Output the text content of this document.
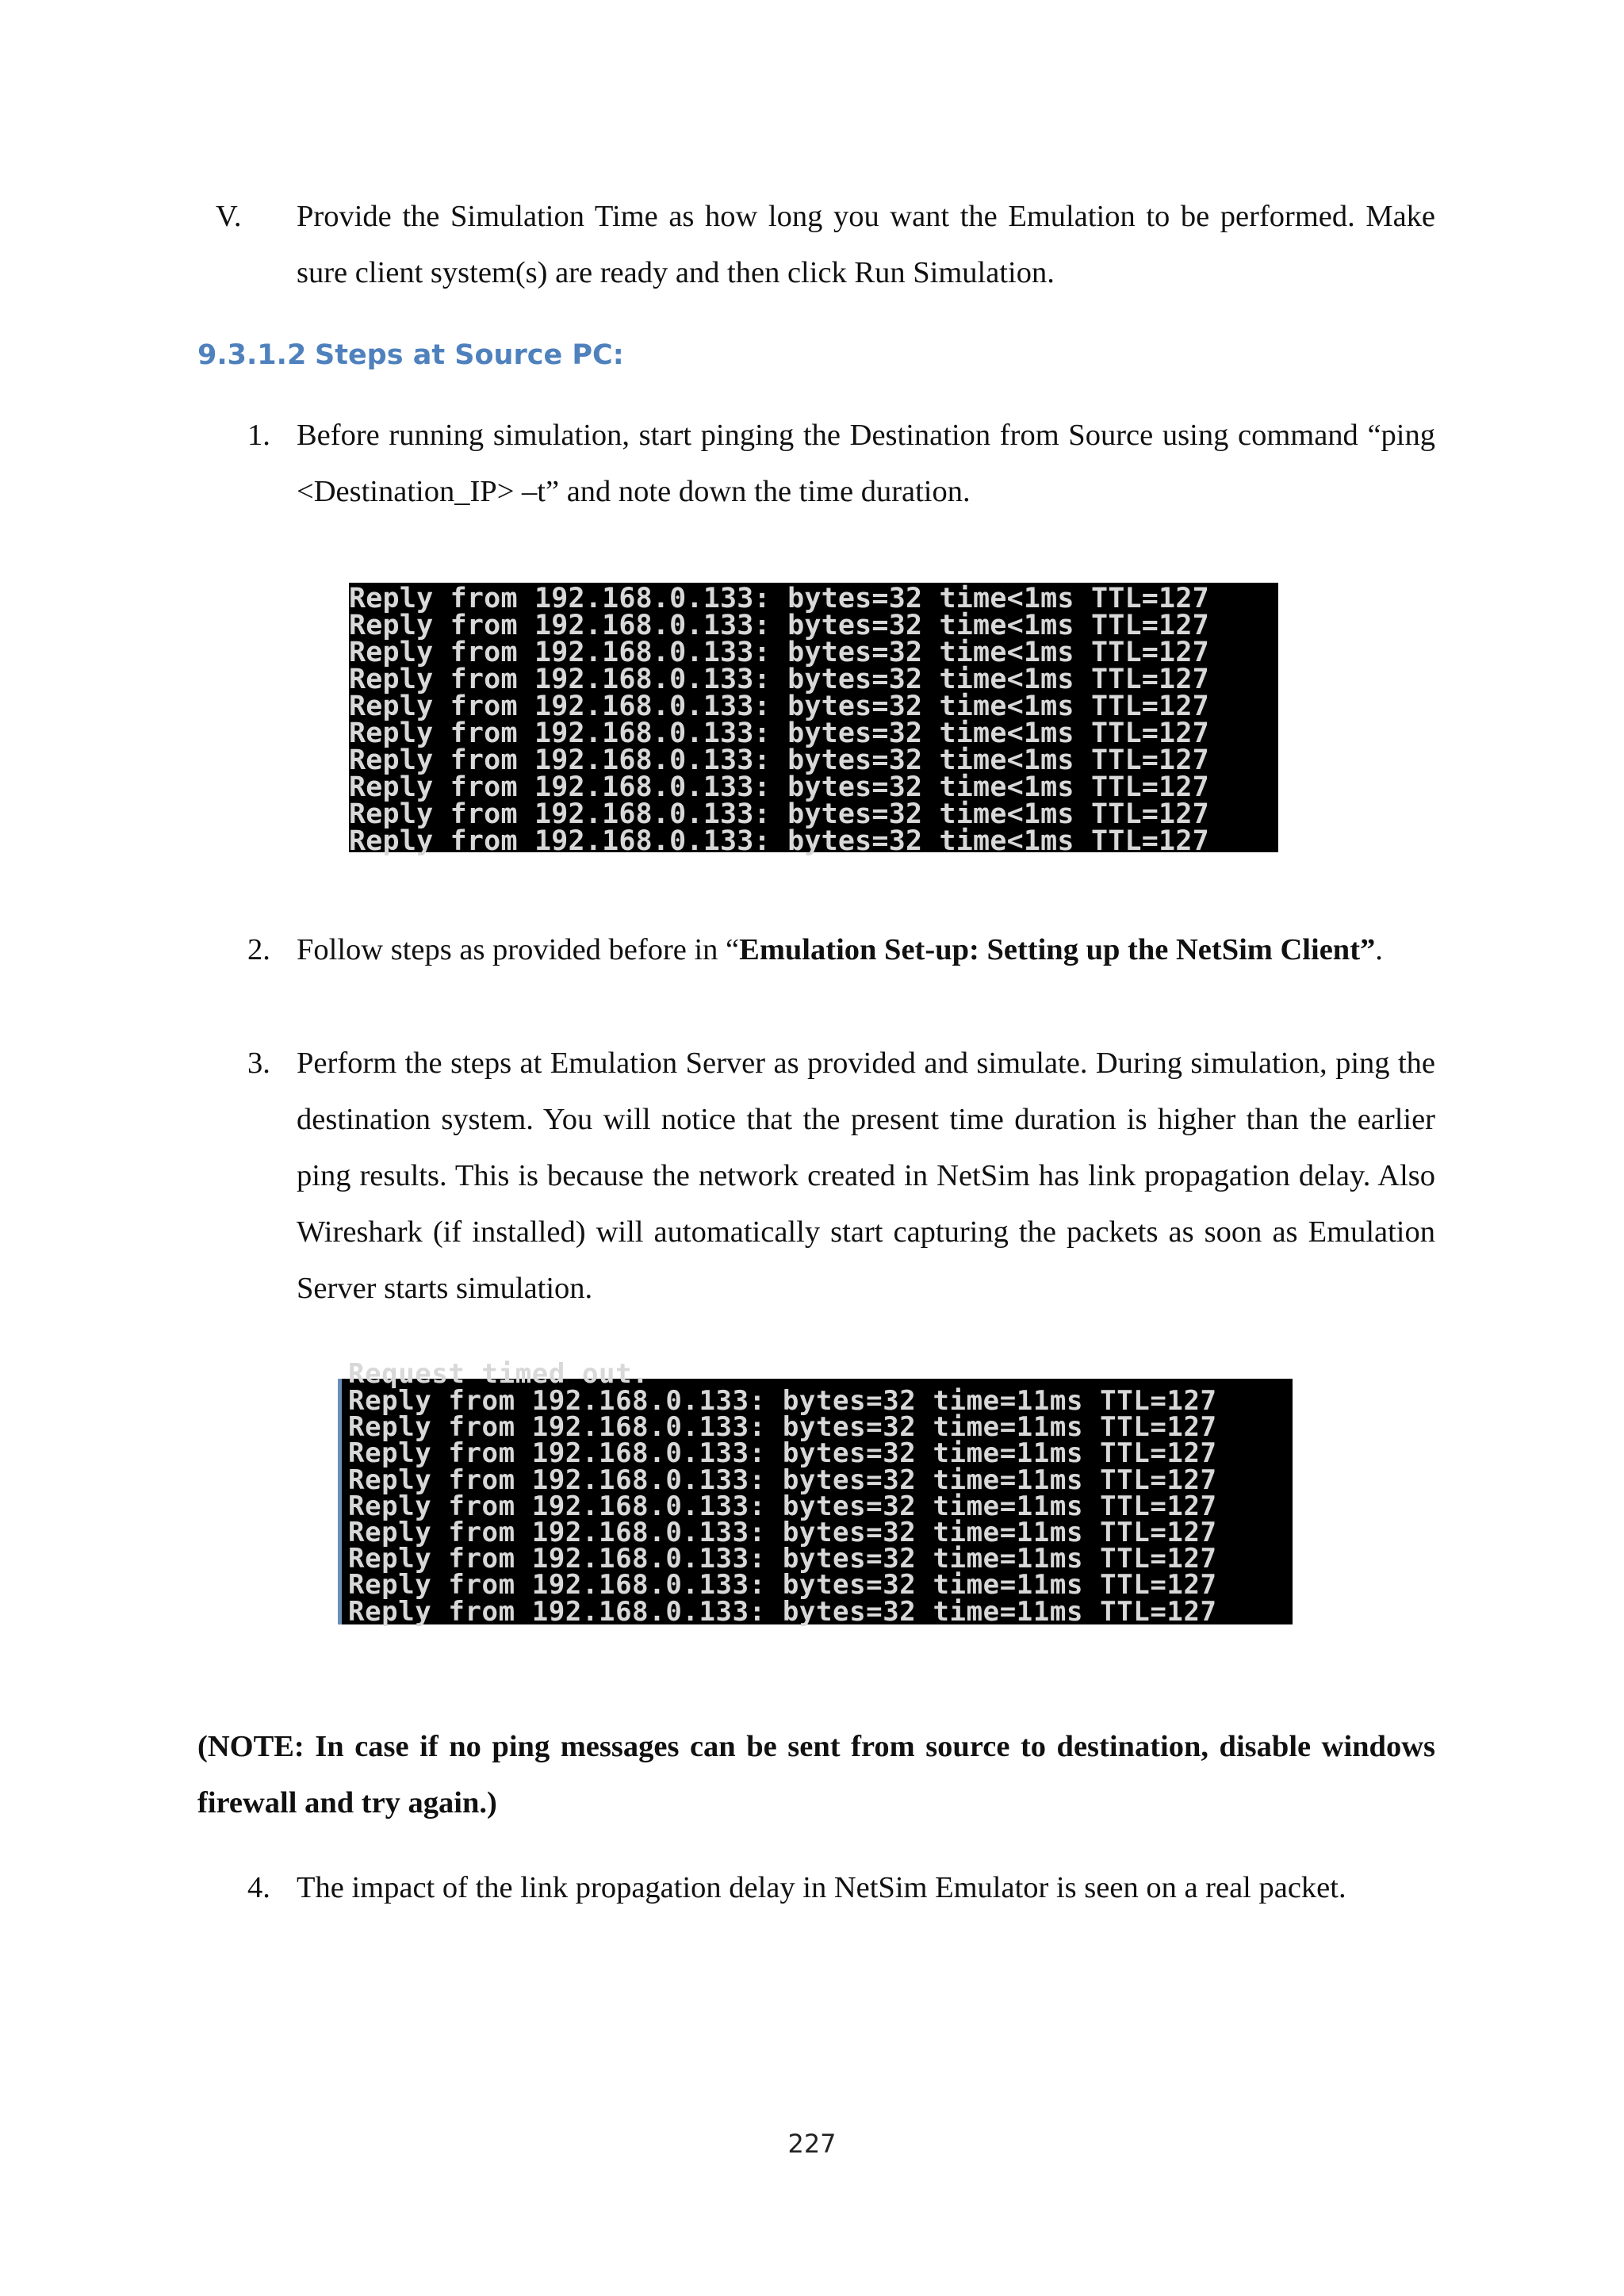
V. Provide the Simulation Time as how long you want the Emulation to be performed. Make sure client system(s) are ready and then click Run Simulation.
9.3.1.2 Steps at Source PC:
1. Before running simulation, start pinging the Destination from Source using command “ping <Destination_IP> –t” and note down the time duration.
Reply from 192.168.0.133: bytes=32 time<1ms TTL=127
Reply from 192.168.0.133: bytes=32 time<1ms TTL=127
Reply from 192.168.0.133: bytes=32 time<1ms TTL=127
Reply from 192.168.0.133: bytes=32 time<1ms TTL=127
Reply from 192.168.0.133: bytes=32 time<1ms TTL=127
Reply from 192.168.0.133: bytes=32 time<1ms TTL=127
Reply from 192.168.0.133: bytes=32 time<1ms TTL=127
Reply from 192.168.0.133: bytes=32 time<1ms TTL=127
Reply from 192.168.0.133: bytes=32 time<1ms TTL=127
Reply from 192.168.0.133: bytes=32 time<1ms TTL=127
2. Follow steps as provided before in “Emulation Set-up: Setting up the NetSim Client”.
3. Perform the steps at Emulation Server as provided and simulate. During simulation, ping the destination system. You will notice that the present time duration is higher than the earlier ping results. This is because the network created in NetSim has link propagation delay. Also Wireshark (if installed) will automatically start capturing the packets as soon as Emulation Server starts simulation.
Request timed out.
Reply from 192.168.0.133: bytes=32 time=11ms TTL=127
Reply from 192.168.0.133: bytes=32 time=11ms TTL=127
Reply from 192.168.0.133: bytes=32 time=11ms TTL=127
Reply from 192.168.0.133: bytes=32 time=11ms TTL=127
Reply from 192.168.0.133: bytes=32 time=11ms TTL=127
Reply from 192.168.0.133: bytes=32 time=11ms TTL=127
Reply from 192.168.0.133: bytes=32 time=11ms TTL=127
Reply from 192.168.0.133: bytes=32 time=11ms TTL=127
Reply from 192.168.0.133: bytes=32 time=11ms TTL=127
(NOTE: In case if no ping messages can be sent from source to destination, disable windows firewall and try again.)
4. The impact of the link propagation delay in NetSim Emulator is seen on a real packet.
227
